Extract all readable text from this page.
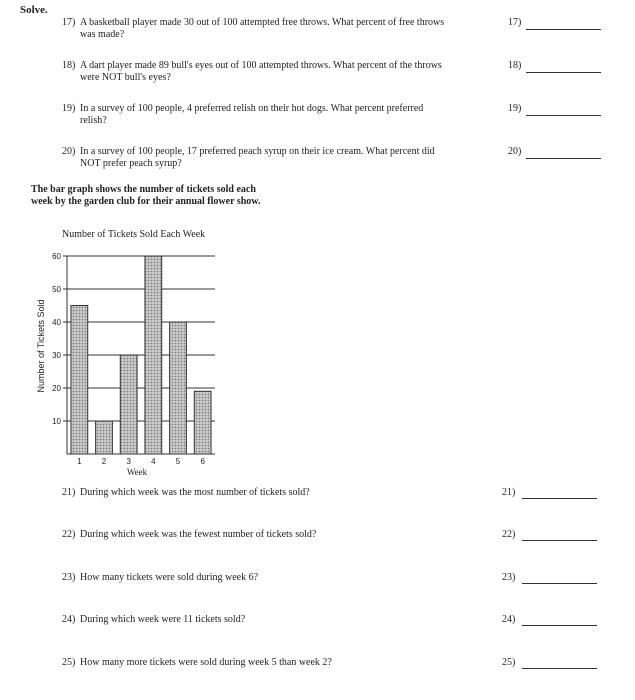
Solve.
17) A basketball player made 30 out of 100 attempted free throws. What percent of free throws
was made?
17)
18) A dart player made 89 bull's eyes out of 100 attempted throws. What percent of the throws
were NOT bull's eyes?
18)
19) In a survey of 100 people, 4 preferred relish on their hot dogs. What percent preferred
relish?
19)
20) In a survey of 100 people, 17 preferred peach syrup on their ice cream. What percent did
NOT prefer peach syrup?
20)
The bar graph shows the number of tickets sold each
week by the garden club for their annual flower show.
Number of Tickets Sold Each Week
Number of Tickets Sold
Week
10
20
30
40
50
60
1	2	3	4	5	6
21) During which week was the most number of tickets sold?	21)
22) During which week was the fewest number of tickets sold?	22)
23) How many tickets were sold during week 6?	23)
24) During which week were 11 tickets sold?	24)
25) How many more tickets were sold during week 5 than week 2?	25)
